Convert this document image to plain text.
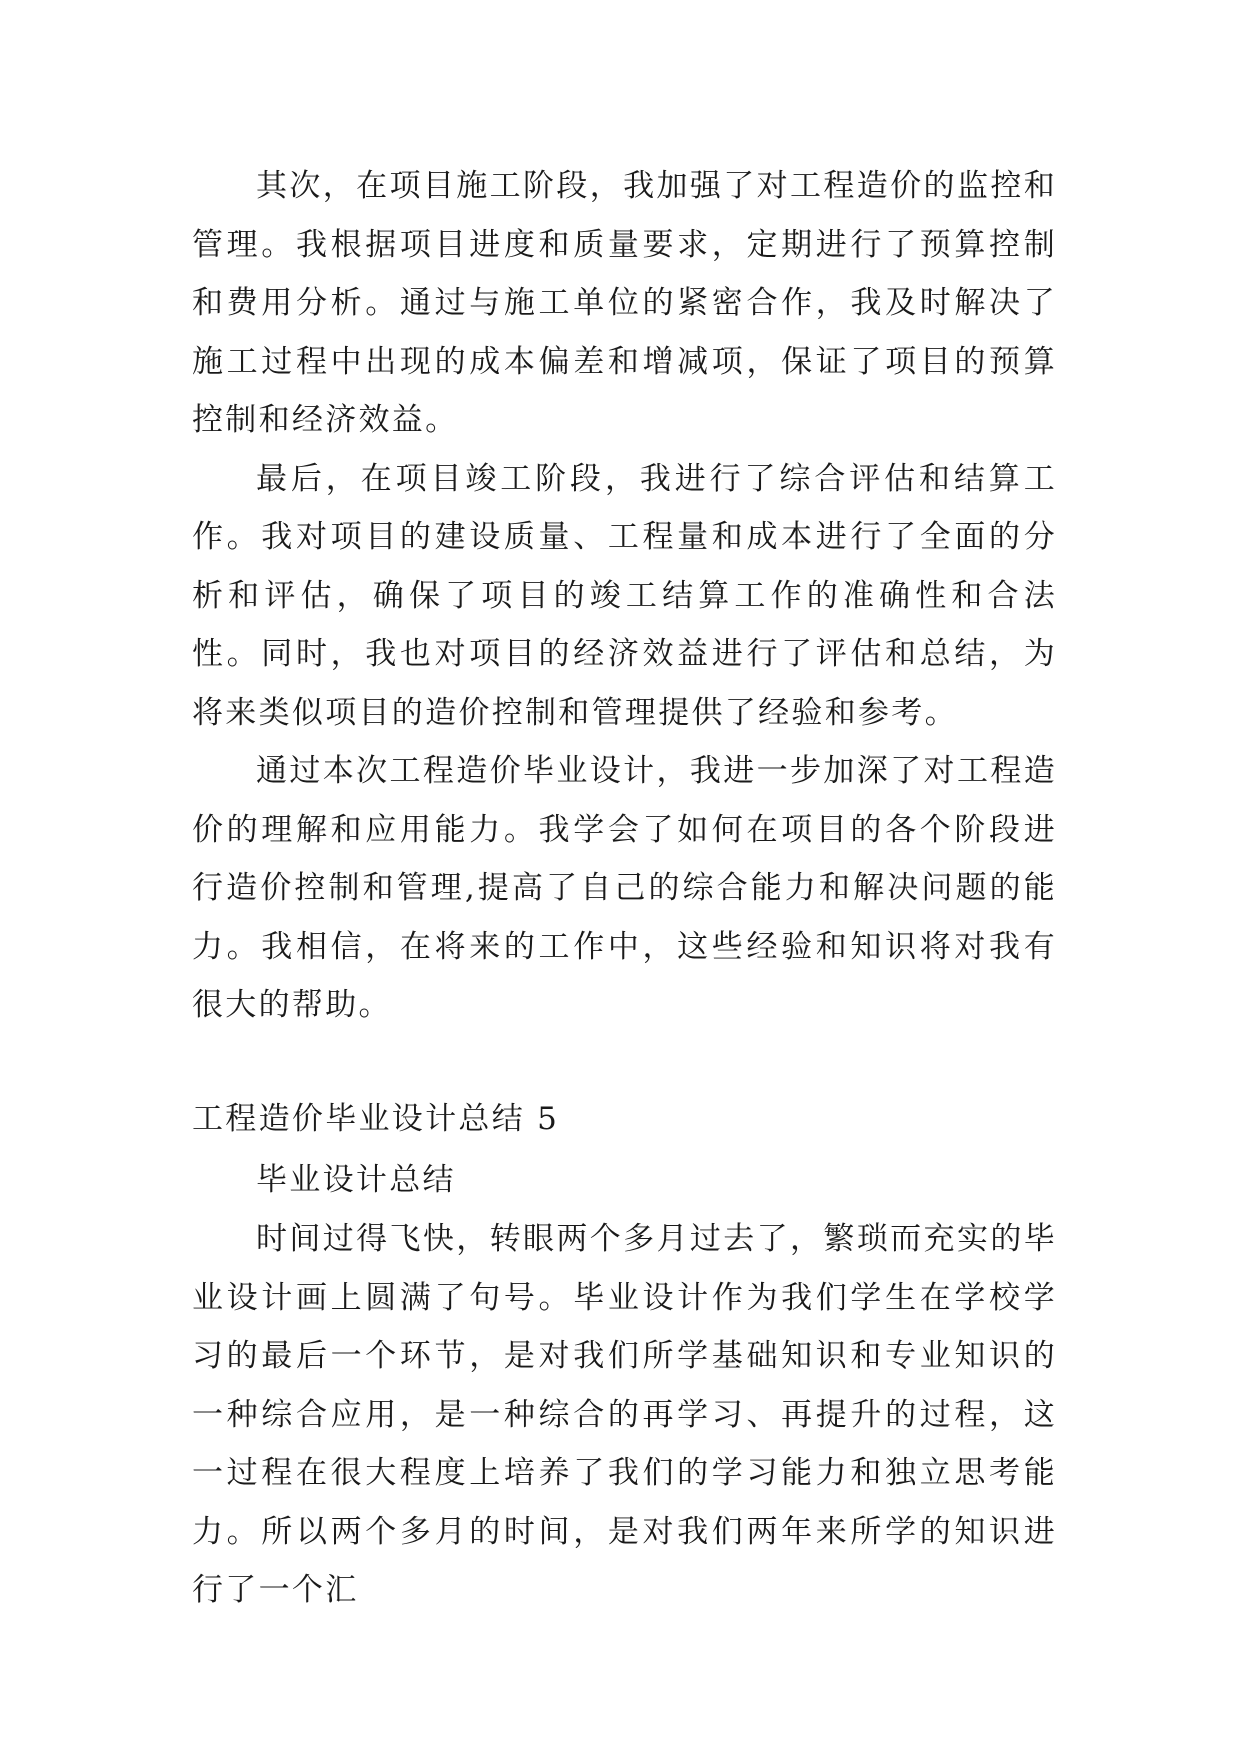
其次，在项目施工阶段，我加强了对工程造价的监控和管理。我根据项目进度和质量要求，定期进行了预算控制和费用分析。通过与施工单位的紧密合作，我及时解决了施工过程中出现的成本偏差和增减项，保证了项目的预算控制和经济效益。

最后，在项目竣工阶段，我进行了综合评估和结算工作。我对项目的建设质量、工程量和成本进行了全面的分析和评估，确保了项目的竣工结算工作的准确性和合法性。同时，我也对项目的经济效益进行了评估和总结，为将来类似项目的造价控制和管理提供了经验和参考。

通过本次工程造价毕业设计，我进一步加深了对工程造价的理解和应用能力。我学会了如何在项目的各个阶段进行造价控制和管理,提高了自己的综合能力和解决问题的能力。我相信，在将来的工作中，这些经验和知识将对我有很大的帮助。

工程造价毕业设计总结 5
毕业设计总结

时间过得飞快，转眼两个多月过去了，繁琐而充实的毕业设计画上圆满了句号。毕业设计作为我们学生在学校学习的最后一个环节，是对我们所学基础知识和专业知识的一种综合应用，是一种综合的再学习、再提升的过程，这一过程在很大程度上培养了我们的学习能力和独立思考能力。所以两个多月的时间，是对我们两年来所学的知识进行了一个汇
